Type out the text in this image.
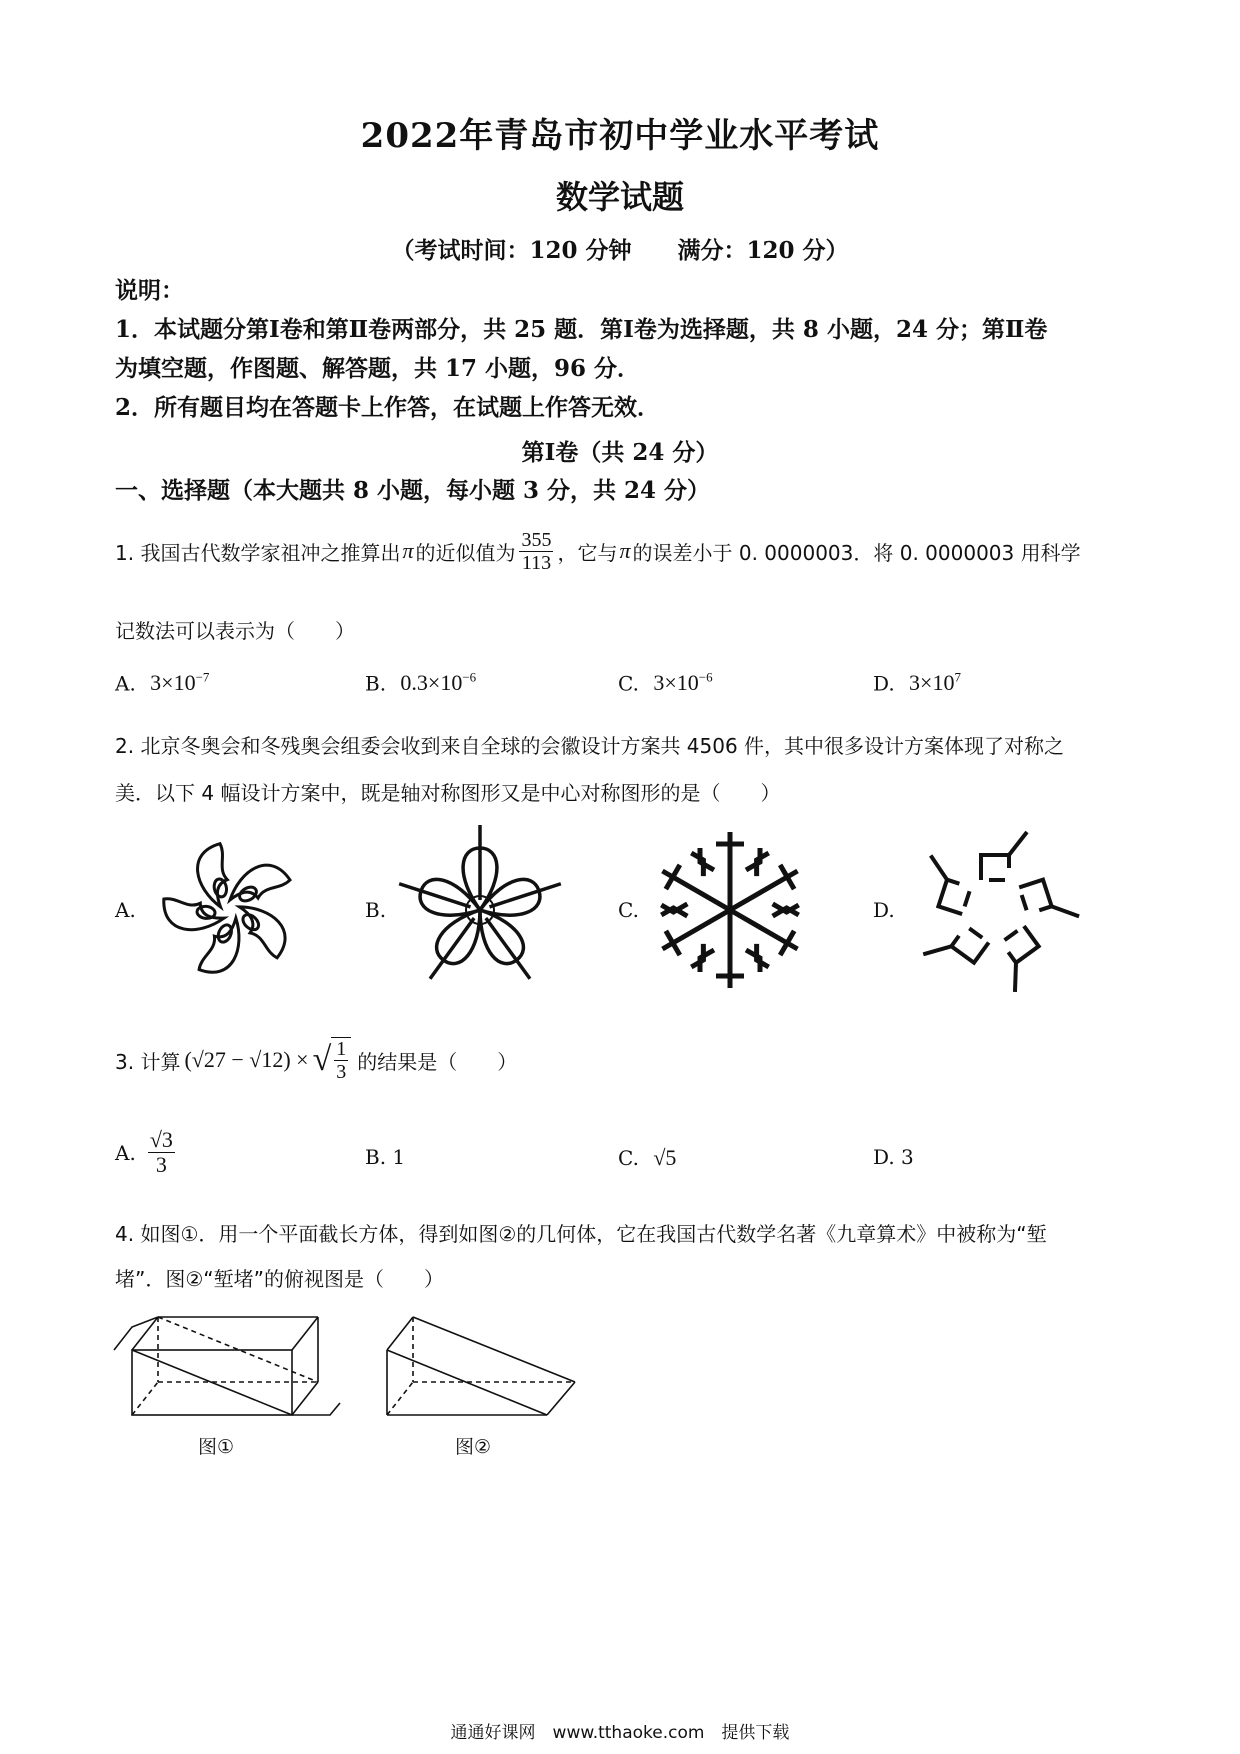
2022年青岛市初中学业水平考试
数学试题
（考试时间：120 分钟　　满分：120 分）
说明：
1．本试题分第Ⅰ卷和第Ⅱ卷两部分，共 25 题．第Ⅰ卷为选择题，共 8 小题，24 分；第Ⅱ卷
为填空题，作图题、解答题，共 17 小题，96 分．
2．所有题目均在答题卡上作答，在试题上作答无效．
第Ⅰ卷（共 24 分）
一、选择题（本大题共 8 小题，每小题 3 分，共 24 分）
1. 我国古代数学家祖冲之推算出 π 的近似值为 $\frac{355}{113}$ ，它与 π 的误差小于 0. 0000003．将 0. 0000003 用科学
记数法可以表示为（　　）
A. $3\times 10^{-7}$	B. $0.3\times 10^{-6}$	C. $3\times 10^{-6}$	D. $3\times 10^7$
2. 北京冬奥会和冬残奥会组委会收到来自全球的会徽设计方案共 4506 件，其中很多设计方案体现了对称之
美．以下 4 幅设计方案中，既是轴对称图形又是中心对称图形的是（　　）
A.	B.	C.	D.
3. 计算 (√27 − √12) × √ $\frac{1}{3}$ 的结果是（　　）
A. $\frac{√3}{3}$	B. 1	C. √5	D. 3
4. 如图①．用一个平面截长方体，得到如图②的几何体，它在我国古代数学名著《九章算术》中被称为“堑
堵”．图②“堑堵”的俯视图是（　　）
图①	图②
通通好课网　www.tthaoke.com　提供下载
